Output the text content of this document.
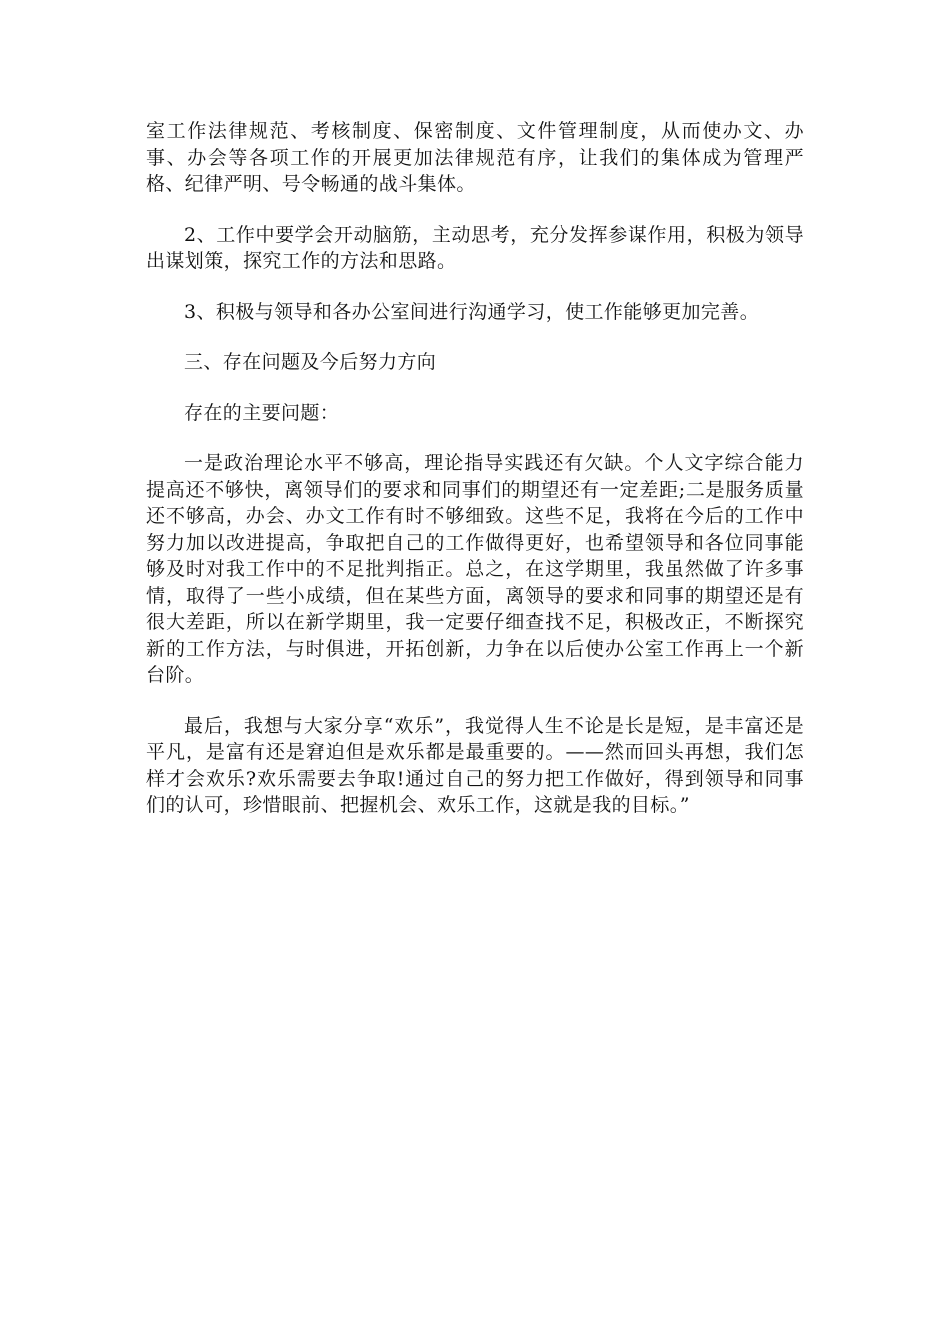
室工作法律规范、考核制度、保密制度、文件管理制度，从而使办文、办事、办会等各项工作的开展更加法律规范有序，让我们的集体成为管理严格、纪律严明、号令畅通的战斗集体。

2、工作中要学会开动脑筋，主动思考，充分发挥参谋作用，积极为领导出谋划策，探究工作的方法和思路。

3、积极与领导和各办公室间进行沟通学习，使工作能够更加完善。

三、存在问题及今后努力方向

存在的主要问题：

一是政治理论水平不够高，理论指导实践还有欠缺。个人文字综合能力提高还不够快，离领导们的要求和同事们的期望还有一定差距;二是服务质量还不够高，办会、办文工作有时不够细致。这些不足，我将在今后的工作中努力加以改进提高，争取把自己的工作做得更好，也希望领导和各位同事能够及时对我工作中的不足批判指正。总之，在这学期里，我虽然做了许多事情，取得了一些小成绩，但在某些方面，离领导的要求和同事的期望还是有很大差距，所以在新学期里，我一定要仔细查找不足，积极改正，不断探究新的工作方法，与时俱进，开拓创新，力争在以后使办公室工作再上一个新台阶。

最后，我想与大家分享“欢乐”，我觉得人生不论是长是短，是丰富还是平凡，是富有还是窘迫但是欢乐都是最重要的。——然而回头再想，我们怎样才会欢乐?欢乐需要去争取!通过自己的努力把工作做好，得到领导和同事们的认可，珍惜眼前、把握机会、欢乐工作，这就是我的目标。”
